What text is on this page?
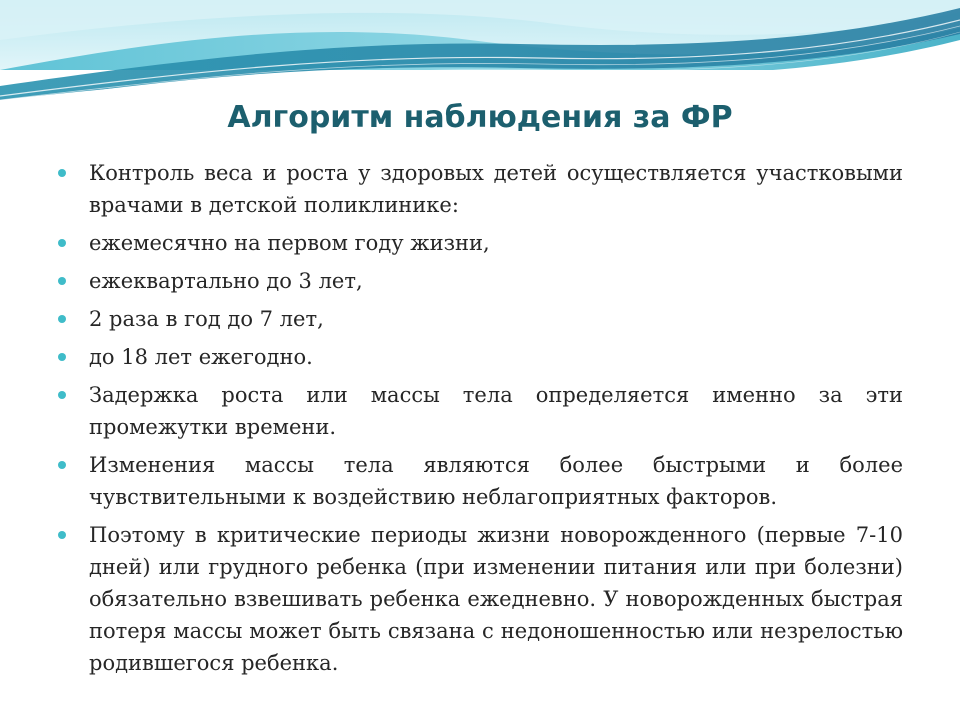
Алгоритм наблюдения за ФР
Контроль веса и роста у здоровых детей осуществляется участковыми врачами в детской поликлинике:
ежемесячно на первом году жизни,
ежеквартально до 3 лет,
2 раза в год до 7 лет,
до 18 лет ежегодно.
Задержка роста или массы тела определяется именно за эти промежутки времени.
Изменения массы тела являются более быстрыми и более чувствительными к воздействию неблагоприятных факторов.
Поэтому в критические периоды жизни новорожденного (первые 7-10 дней) или грудного ребенка (при изменении питания или при болезни) обязательно взвешивать ребенка ежедневно. У новорожденных быстрая потеря массы может быть связана с недоношенностью или незрелостью родившегося ребенка.
